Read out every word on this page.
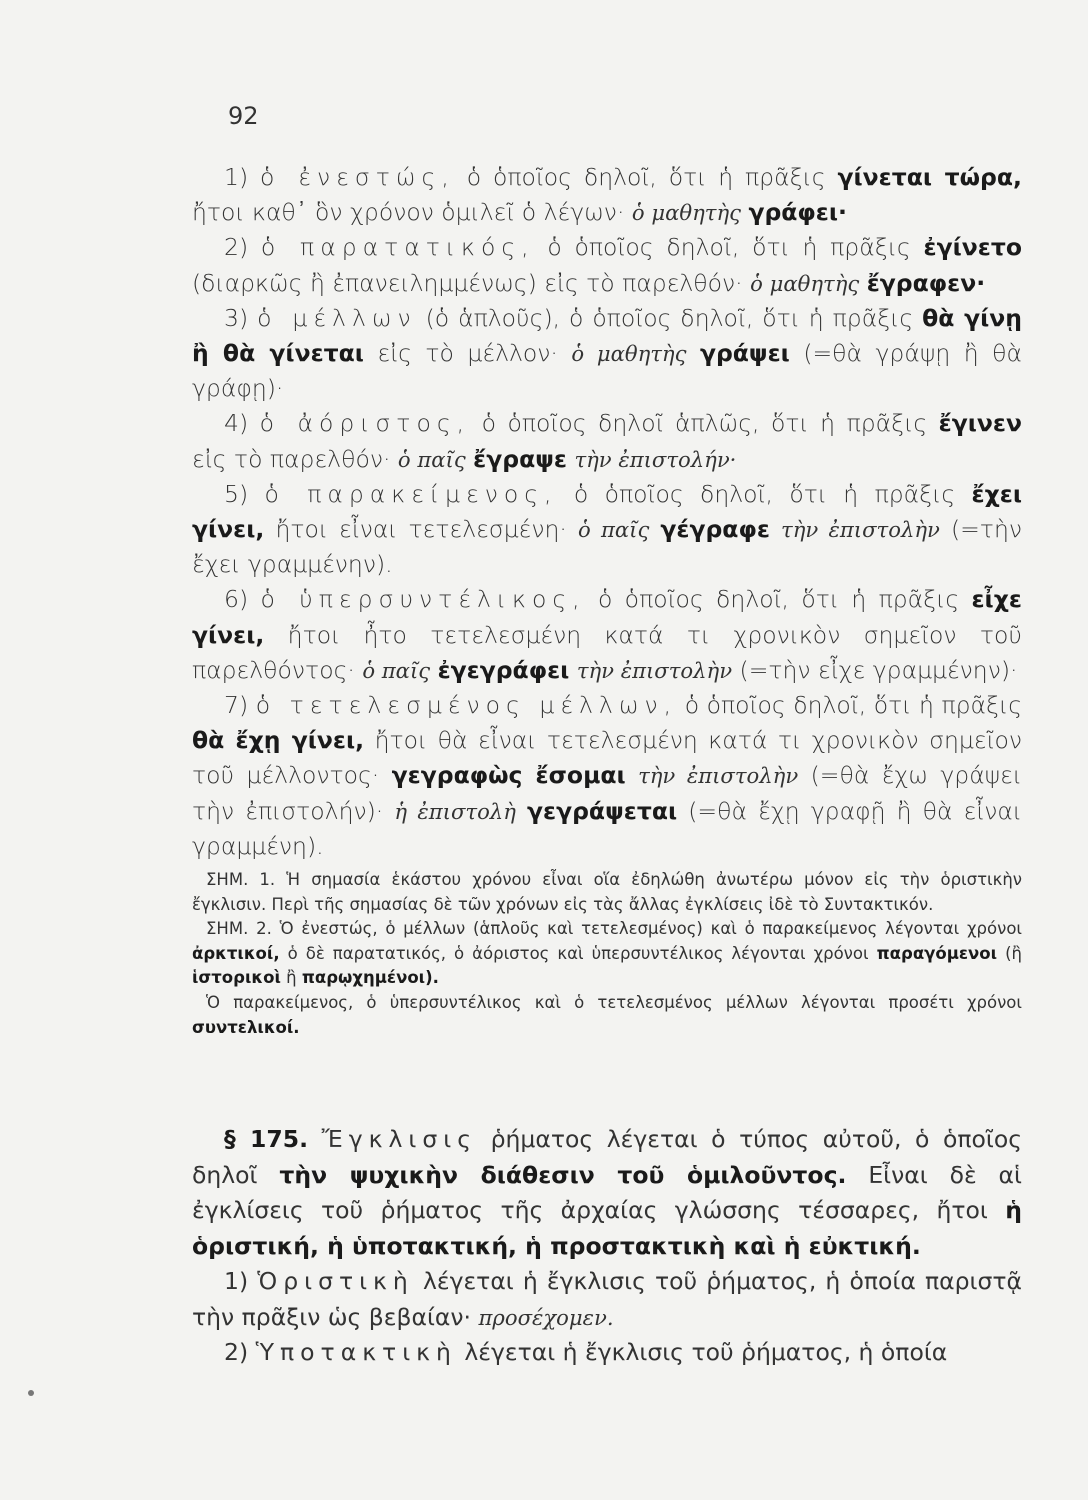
92

1) ὁ ἐνεστώς, ὁ ὁποῖος δηλοῖ, ὅτι ἡ πρᾶξις γίνεται τώρα, ἤτοι καθ᾽ ὃν χρόνον ὁμιλεῖ ὁ λέγων· ὁ μαθητὴς γράφει·

2) ὁ παρατατικός, ὁ ὁποῖος δηλοῖ, ὅτι ἡ πρᾶξις ἐγίνετο (διαρκῶς ἢ ἐπανειλημμένως) εἰς τὸ παρελθόν· ὁ μαθητὴς ἔγραφεν·

3) ὁ μέλλων (ὁ ἁπλοῦς), ὁ ὁποῖος δηλοῖ, ὅτι ἡ πρᾶξις θὰ γίνῃ ἢ θὰ γίνεται εἰς τὸ μέλλον· ὁ μαθητὴς γράψει (=θὰ γράψῃ ἢ θὰ γράφῃ)·

4) ὁ ἀόριστος, ὁ ὁποῖος δηλοῖ ἁπλῶς, ὅτι ἡ πρᾶξις ἔγινεν εἰς τὸ παρελθόν· ὁ παῖς ἔγραψε τὴν ἐπιστολήν·

5) ὁ παρακείμενος, ὁ ὁποῖος δηλοῖ, ὅτι ἡ πρᾶξις ἔχει γίνει, ἤτοι εἶναι τετελεσμένη· ὁ παῖς γέγραφε τὴν ἐπιστολὴν (=τὴν ἔχει γραμμένην).

6) ὁ ὑπερσυντέλικος, ὁ ὁποῖος δηλοῖ, ὅτι ἡ πρᾶξις εἶχε γίνει, ἤτοι ἦτο τετελεσμένη κατά τι χρονικὸν σημεῖον τοῦ παρελθόντος· ὁ παῖς ἐγεγράφει τὴν ἐπιστολὴν (=τὴν εἶχε γραμμένην)·

7) ὁ τετελεσμένος μέλλων, ὁ ὁποῖος δηλοῖ, ὅτι ἡ πρᾶξις θὰ ἔχῃ γίνει, ἤτοι θὰ εἶναι τετελεσμένη κατά τι χρονικὸν σημεῖον τοῦ μέλλοντος· γεγραφὼς ἔσομαι τὴν ἐπιστολὴν (=θὰ ἔχω γράψει τὴν ἐπιστολήν)· ἡ ἐπιστολὴ γεγράψεται (=θὰ ἔχῃ γραφῇ ἢ θὰ εἶναι γραμμένη).

ΣΗΜ. 1. Ἡ σημασία ἑκάστου χρόνου εἶναι οἵα ἐδηλώθη ἀνωτέρω μόνον εἰς τὴν ὁριστικὴν ἔγκλισιν. Περὶ τῆς σημασίας δὲ τῶν χρόνων εἰς τὰς ἄλλας ἐγκλίσεις ἰδὲ τὸ Συντακτικόν.

ΣΗΜ. 2. Ὁ ἐνεστώς, ὁ μέλλων (ἁπλοῦς καὶ τετελεσμένος) καὶ ὁ παρακείμενος λέγονται χρόνοι ἀρκτικοί, ὁ δὲ παρατατικός, ὁ ἀόριστος καὶ ὑπερσυντέλικος λέγονται χρόνοι παραγόμενοι (ἢ ἱστορικοὶ ἢ παρῳχημένοι).

Ὁ παρακείμενος, ὁ ὑπερσυντέλικος καὶ ὁ τετελεσμένος μέλλων λέγονται προσέτι χρόνοι συντελικοί.

§ 175. Ἔγκλισις ῥήματος λέγεται ὁ τύπος αὐτοῦ, ὁ ὁποῖος δηλοῖ τὴν ψυχικὴν διάθεσιν τοῦ ὁμιλοῦντος. Εἶναι δὲ αἱ ἐγκλίσεις τοῦ ῥήματος τῆς ἀρχαίας γλώσσης τέσσαρες, ἤτοι ἡ ὁριστική, ἡ ὑποτακτική, ἡ προστακτικὴ καὶ ἡ εὐκτική.

1) Ὁριστικὴ λέγεται ἡ ἔγκλισις τοῦ ῥήματος, ἡ ὁποία παριστᾷ τὴν πρᾶξιν ὡς βεβαίαν· προσέχομεν.

2) Ὑποτακτικὴ λέγεται ἡ ἔγκλισις τοῦ ῥήματος, ἡ ὁποία
